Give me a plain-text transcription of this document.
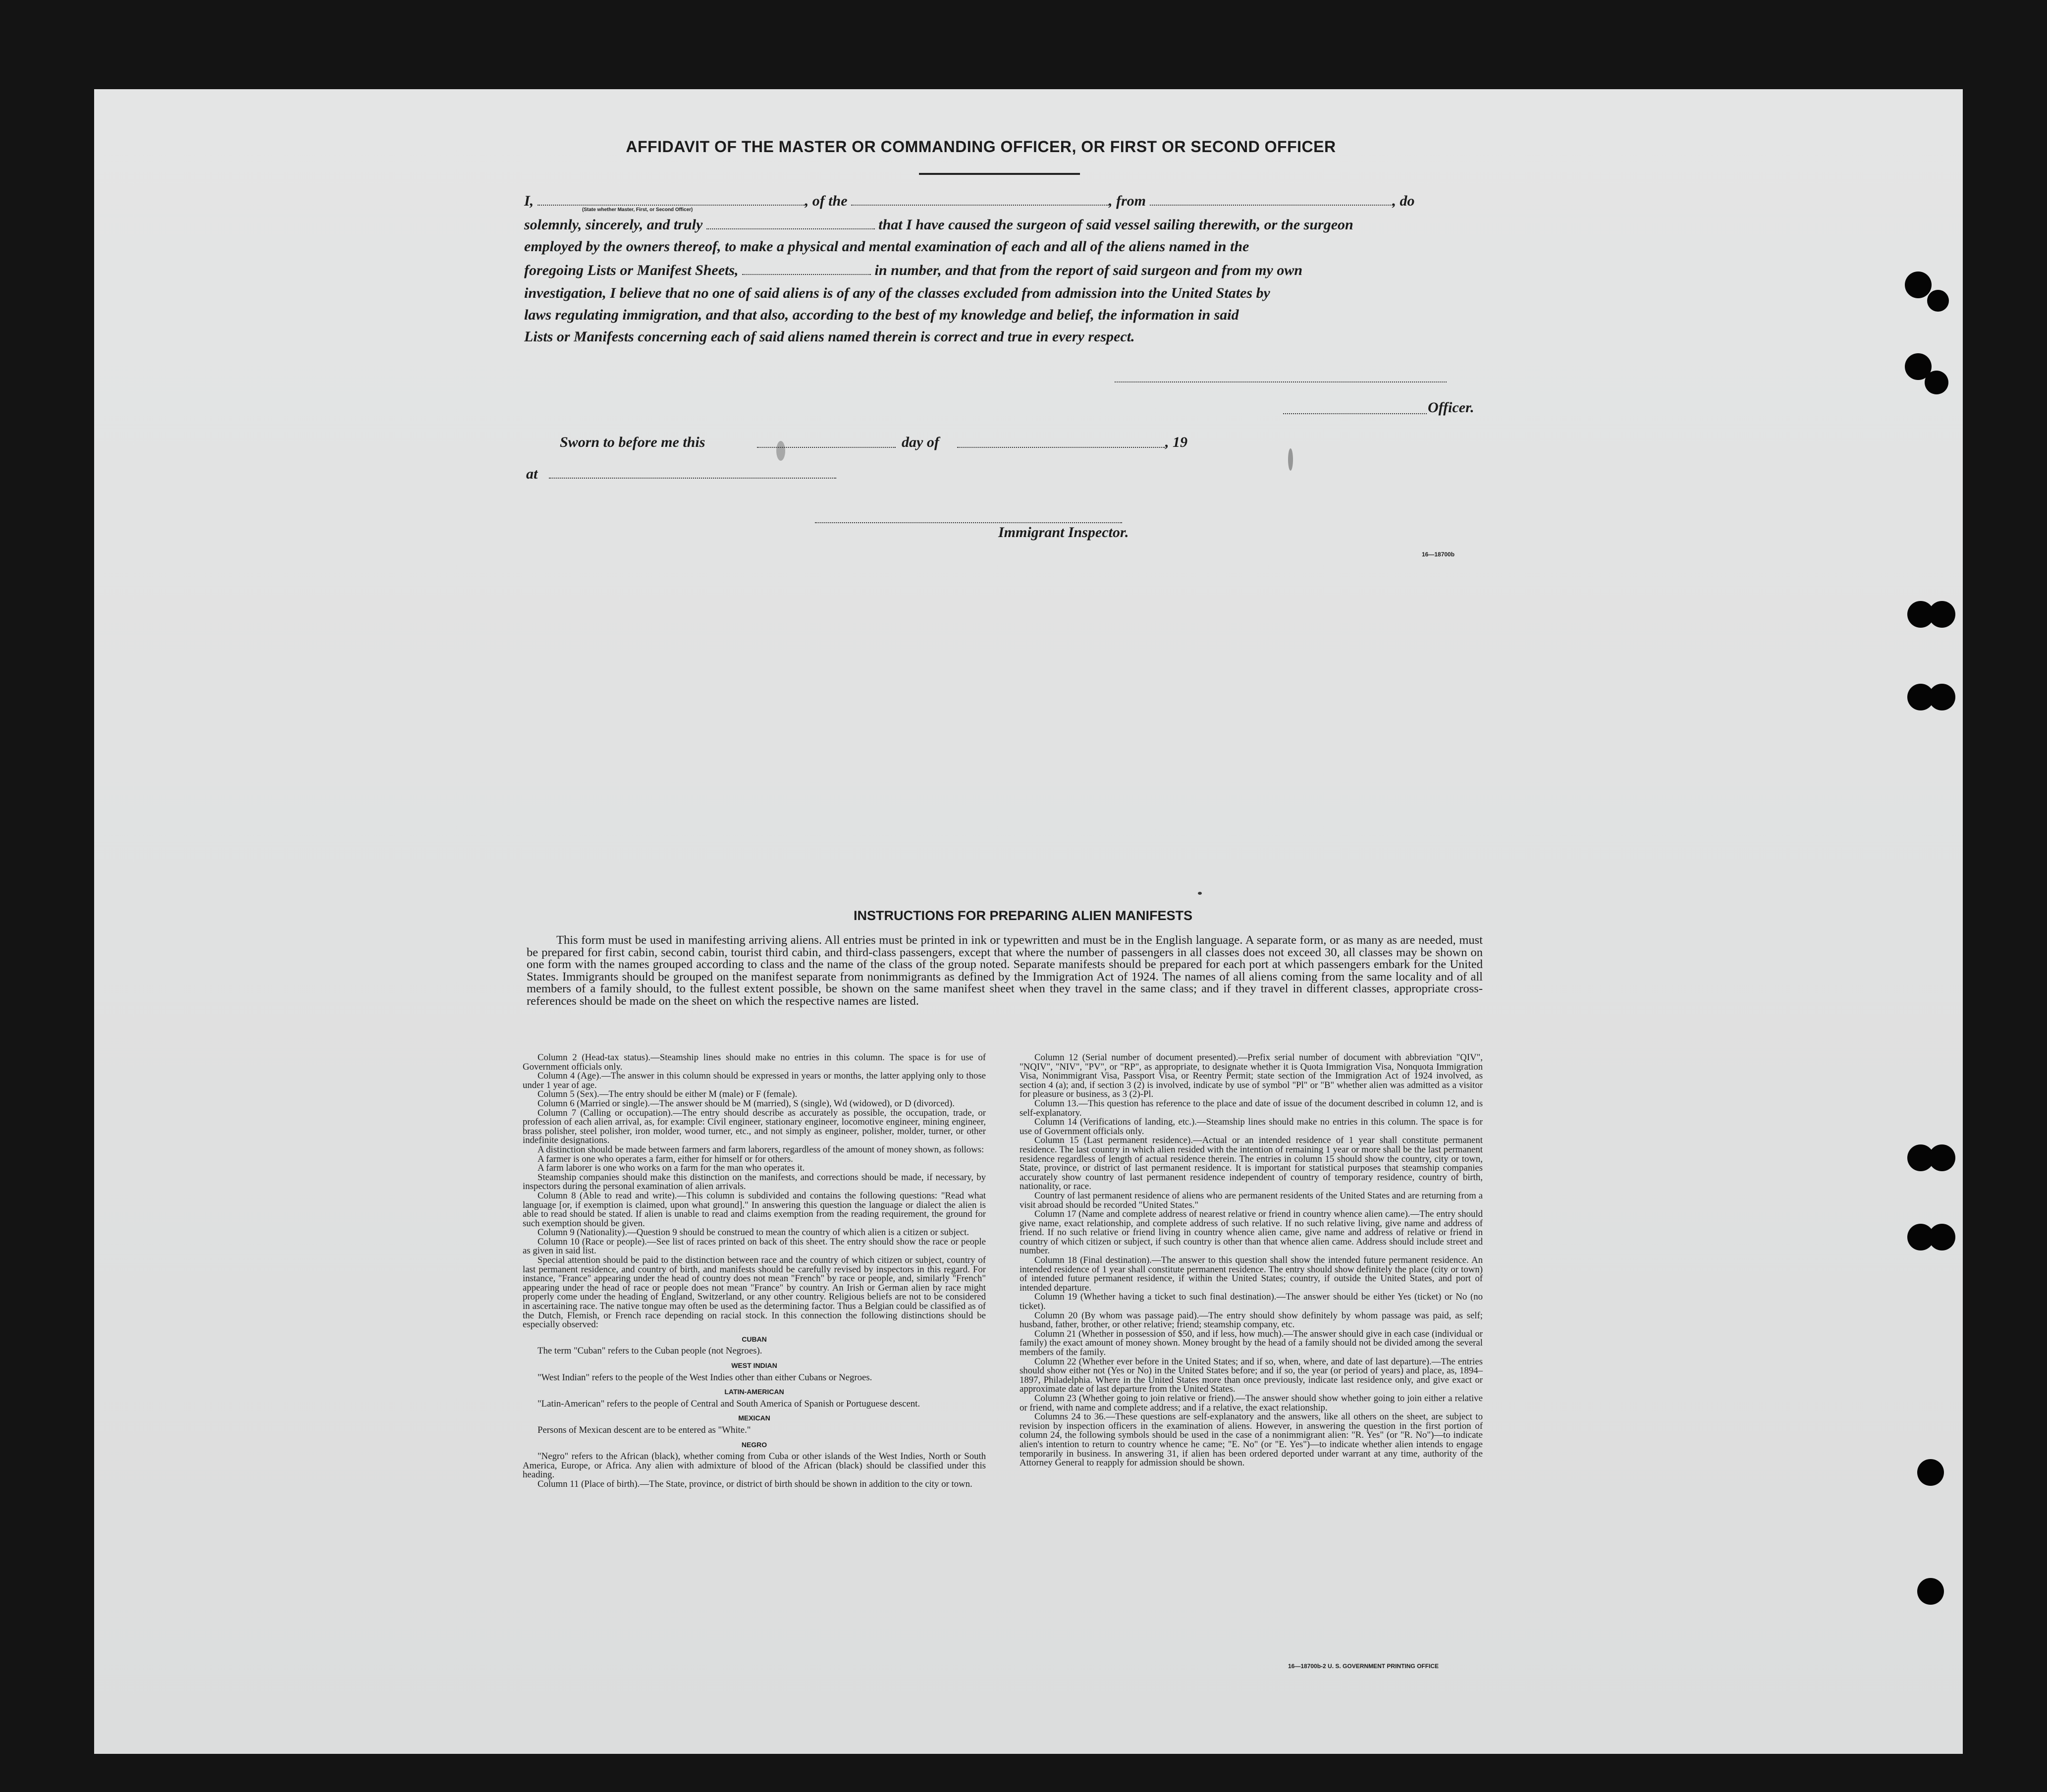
AFFIDAVIT OF THE MASTER OR COMMANDING OFFICER, OR FIRST OR SECOND OFFICER
I,	, of the	, from	, do
(State whether Master, First, or Second Officer)
solemnly, sincerely, and truly	that I have caused the surgeon of said vessel sailing therewith, or the surgeon
employed by the owners thereof, to make a physical and mental examination of each and all of the aliens named in the
foregoing Lists or Manifest Sheets,	in number, and that from the report of said surgeon and from my own
investigation, I believe that no one of said aliens is of any of the classes excluded from admission into the United States by
laws regulating immigration, and that also, according to the best of my knowledge and belief, the information in said
Lists or Manifests concerning each of said aliens named therein is correct and true in every respect.
Officer.
Sworn to before me this	day of	, 19
at
Immigrant Inspector.
16—18700b
INSTRUCTIONS FOR PREPARING ALIEN MANIFESTS
This form must be used in manifesting arriving aliens. All entries must be printed in ink or typewritten and must be in the English language. A separate form, or as many as are needed, must be prepared for first cabin, second cabin, tourist third cabin, and third-class passengers, except that where the number of passengers in all classes does not exceed 30, all classes may be shown on one form with the names grouped according to class and the name of the class of the group noted. Separate manifests should be prepared for each port at which passengers embark for the United States. Immigrants should be grouped on the manifest separate from nonimmigrants as defined by the Immigration Act of 1924. The names of all aliens coming from the same locality and of all members of a family should, to the fullest extent possible, be shown on the same manifest sheet when they travel in the same class; and if they travel in different classes, appropriate cross-references should be made on the sheet on which the respective names are listed.

Column 2 (Head-tax status).—Steamship lines should make no entries in this column. The space is for use of Government officials only.

Column 4 (Age).—The answer in this column should be expressed in years or months, the latter applying only to those under 1 year of age.

Column 5 (Sex).—The entry should be either M (male) or F (female).

Column 6 (Married or single).—The answer should be M (married), S (single), Wd (widowed), or D (divorced).

Column 7 (Calling or occupation).—The entry should describe as accurately as possible, the occupation, trade, or profession of each alien arrival, as, for example: Civil engineer, stationary engineer, locomotive engineer, mining engineer, brass polisher, steel polisher, iron molder, wood turner, etc., and not simply as engineer, polisher, molder, turner, or other indefinite designations.

A distinction should be made between farmers and farm laborers, regardless of the amount of money shown, as follows:

A farmer is one who operates a farm, either for himself or for others.

A farm laborer is one who works on a farm for the man who operates it.

Steamship companies should make this distinction on the manifests, and corrections should be made, if necessary, by inspectors during the personal examination of alien arrivals.

Column 8 (Able to read and write).—This column is subdivided and contains the following questions: "Read what language [or, if exemption is claimed, upon what ground]." In answering this question the language or dialect the alien is able to read should be stated. If alien is unable to read and claims exemption from the reading requirement, the ground for such exemption should be given.

Column 9 (Nationality).—Question 9 should be construed to mean the country of which alien is a citizen or subject.

Column 10 (Race or people).—See list of races printed on back of this sheet. The entry should show the race or people as given in said list.

Special attention should be paid to the distinction between race and the country of which citizen or subject, country of last permanent residence, and country of birth, and manifests should be carefully revised by inspectors in this regard. For instance, "France" appearing under the head of country does not mean "French" by race or people, and, similarly "French" appearing under the head of race or people does not mean "France" by country. An Irish or German alien by race might properly come under the heading of England, Switzerland, or any other country. Religious beliefs are not to be considered in ascertaining race. The native tongue may often be used as the determining factor. Thus a Belgian could be classified as of the Dutch, Flemish, or French race depending on racial stock. In this connection the following distinctions should be especially observed:

CUBAN

The term "Cuban" refers to the Cuban people (not Negroes).

WEST INDIAN

"West Indian" refers to the people of the West Indies other than either Cubans or Negroes.

LATIN-AMERICAN

"Latin-American" refers to the people of Central and South America of Spanish or Portuguese descent.

MEXICAN

Persons of Mexican descent are to be entered as "White."

NEGRO

"Negro" refers to the African (black), whether coming from Cuba or other islands of the West Indies, North or South America, Europe, or Africa. Any alien with admixture of blood of the African (black) should be classified under this heading.

Column 11 (Place of birth).—The State, province, or district of birth should be shown in addition to the city or town.

Column 12 (Serial number of document presented).—Prefix serial number of document with abbreviation "QIV", "NQIV", "NIV", "PV", or "RP", as appropriate, to designate whether it is Quota Immigration Visa, Nonquota Immigration Visa, Nonimmigrant Visa, Passport Visa, or Reentry Permit; state section of the Immigration Act of 1924 involved, as section 4 (a); and, if section 3 (2) is involved, indicate by use of symbol "Pl" or "B" whether alien was admitted as a visitor for pleasure or business, as 3 (2)-Pl.

Column 13.—This question has reference to the place and date of issue of the document described in column 12, and is self-explanatory.

Column 14 (Verifications of landing, etc.).—Steamship lines should make no entries in this column. The space is for use of Government officials only.

Column 15 (Last permanent residence).—Actual or an intended residence of 1 year shall constitute permanent residence. The last country in which alien resided with the intention of remaining 1 year or more shall be the last permanent residence regardless of length of actual residence therein. The entries in column 15 should show the country, city or town, State, province, or district of last permanent residence. It is important for statistical purposes that steamship companies accurately show country of last permanent residence independent of country of temporary residence, country of birth, nationality, or race.

Country of last permanent residence of aliens who are permanent residents of the United States and are returning from a visit abroad should be recorded "United States."

Column 17 (Name and complete address of nearest relative or friend in country whence alien came).—The entry should give name, exact relationship, and complete address of such relative. If no such relative living, give name and address of friend. If no such relative or friend living in country whence alien came, give name and address of relative or friend in country of which citizen or subject, if such country is other than that whence alien came. Address should include street and number.

Column 18 (Final destination).—The answer to this question shall show the intended future permanent residence. An intended residence of 1 year shall constitute permanent residence. The entry should show definitely the place (city or town) of intended future permanent residence, if within the United States; country, if outside the United States, and port of intended departure.

Column 19 (Whether having a ticket to such final destination).—The answer should be either Yes (ticket) or No (no ticket).

Column 20 (By whom was passage paid).—The entry should show definitely by whom passage was paid, as self; husband, father, brother, or other relative; friend; steamship company, etc.

Column 21 (Whether in possession of $50, and if less, how much).—The answer should give in each case (individual or family) the exact amount of money shown. Money brought by the head of a family should not be divided among the several members of the family.

Column 22 (Whether ever before in the United States; and if so, when, where, and date of last departure).—The entries should show either not (Yes or No) in the United States before; and if so, the year (or period of years) and place, as, 1894–1897, Philadelphia. Where in the United States more than once previously, indicate last residence only, and give exact or approximate date of last departure from the United States.

Column 23 (Whether going to join relative or friend).—The answer should show whether going to join either a relative or friend, with name and complete address; and if a relative, the exact relationship.

Columns 24 to 36.—These questions are self-explanatory and the answers, like all others on the sheet, are subject to revision by inspection officers in the examination of aliens. However, in answering the question in the first portion of column 24, the following symbols should be used in the case of a nonimmigrant alien: "R. Yes" (or "R. No")—to indicate alien's intention to return to country whence he came; "E. No" (or "E. Yes")—to indicate whether alien intends to engage temporarily in business. In answering 31, if alien has been ordered deported under warrant at any time, authority of the Attorney General to reapply for admission should be shown.

16—18700b-2 U. S. GOVERNMENT PRINTING OFFICE
